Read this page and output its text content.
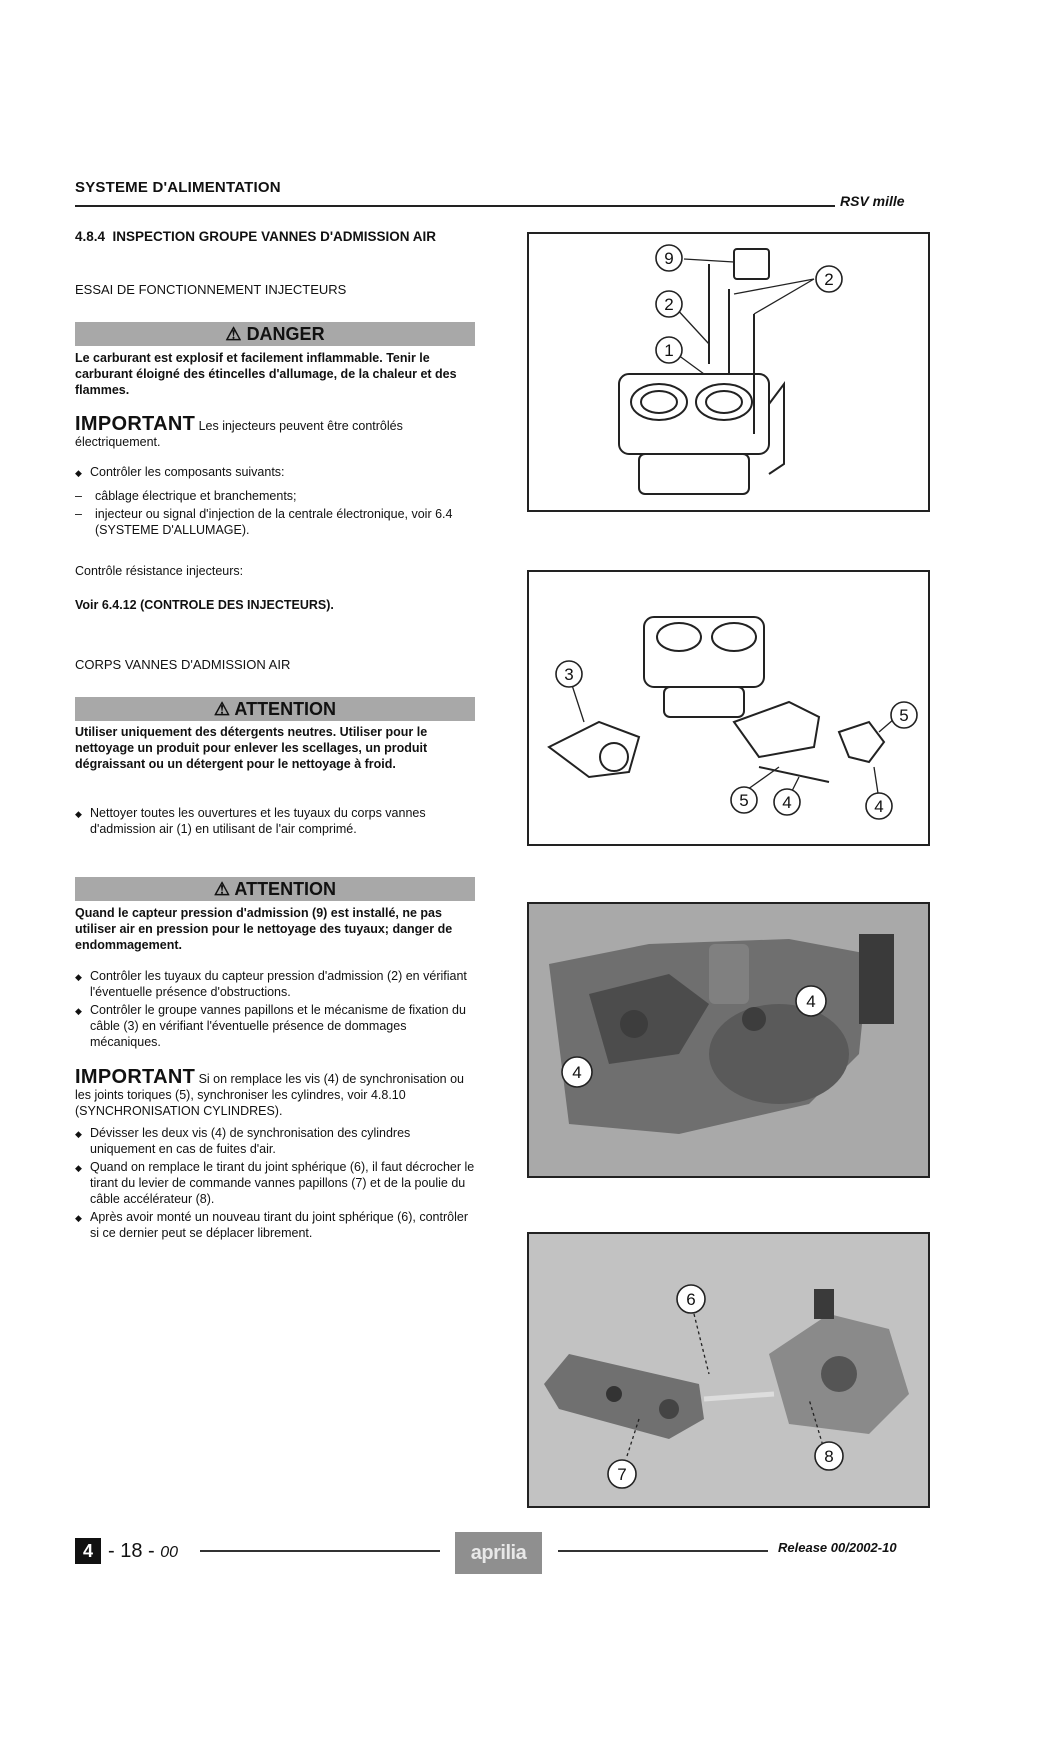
SYSTEME D'ALIMENTATION
RSV mille
4.8.4 INSPECTION GROUPE VANNES D'ADMISSION AIR
ESSAI DE FONCTIONNEMENT INJECTEURS
⚠ DANGER
Le carburant est explosif et facilement inflammable. Tenir le carburant éloigné des étincelles d'allumage, de la chaleur et des flammes.
IMPORTANT Les injecteurs peuvent être contrôlés électriquement.
◆ Contrôler les composants suivants:
– câblage électrique et branchements;
– injecteur ou signal d'injection de la centrale électronique, voir 6.4 (SYSTEME D'ALLUMAGE).
Contrôle résistance injecteurs:
Voir 6.4.12 (CONTROLE DES INJECTEURS).
CORPS VANNES D'ADMISSION AIR
⚠ ATTENTION
Utiliser uniquement des détergents neutres. Utiliser pour le nettoyage un produit pour enlever les scellages, un produit dégraissant ou un détergent pour le nettoyage à froid.
◆ Nettoyer toutes les ouvertures et les tuyaux du corps vannes d'admission air (1) en utilisant de l'air comprimé.
⚠ ATTENTION
Quand le capteur pression d'admission (9) est installé, ne pas utiliser air en pression pour le nettoyage des tuyaux; danger de endommagement.
◆ Contrôler les tuyaux du capteur pression d'admission (2) en vérifiant l'éventuelle présence d'obstructions.
◆ Contrôler le groupe vannes papillons et le mécanisme de fixation du câble (3) en vérifiant l'éventuelle présence de dommages mécaniques.
IMPORTANT Si on remplace les vis (4) de synchronisation ou les joints toriques (5), synchroniser les cylindres, voir 4.8.10 (SYNCHRONISATION CYLINDRES).
◆ Dévisser les deux vis (4) de synchronisation des cylindres uniquement en cas de fuites d'air.
◆ Quand on remplace le tirant du joint sphérique (6), il faut décrocher le tirant du levier de commande vannes papillons (7) et de la poulie du câble accélérateur (8).
◆ Après avoir monté un nouveau tirant du joint sphérique (6), contrôler si ce dernier peut se déplacer librement.
9
2
2
1
3
5
5 4	4
4
4
6
7
8
4 - 18 - 00	aprilia	Release 00/2002-10
